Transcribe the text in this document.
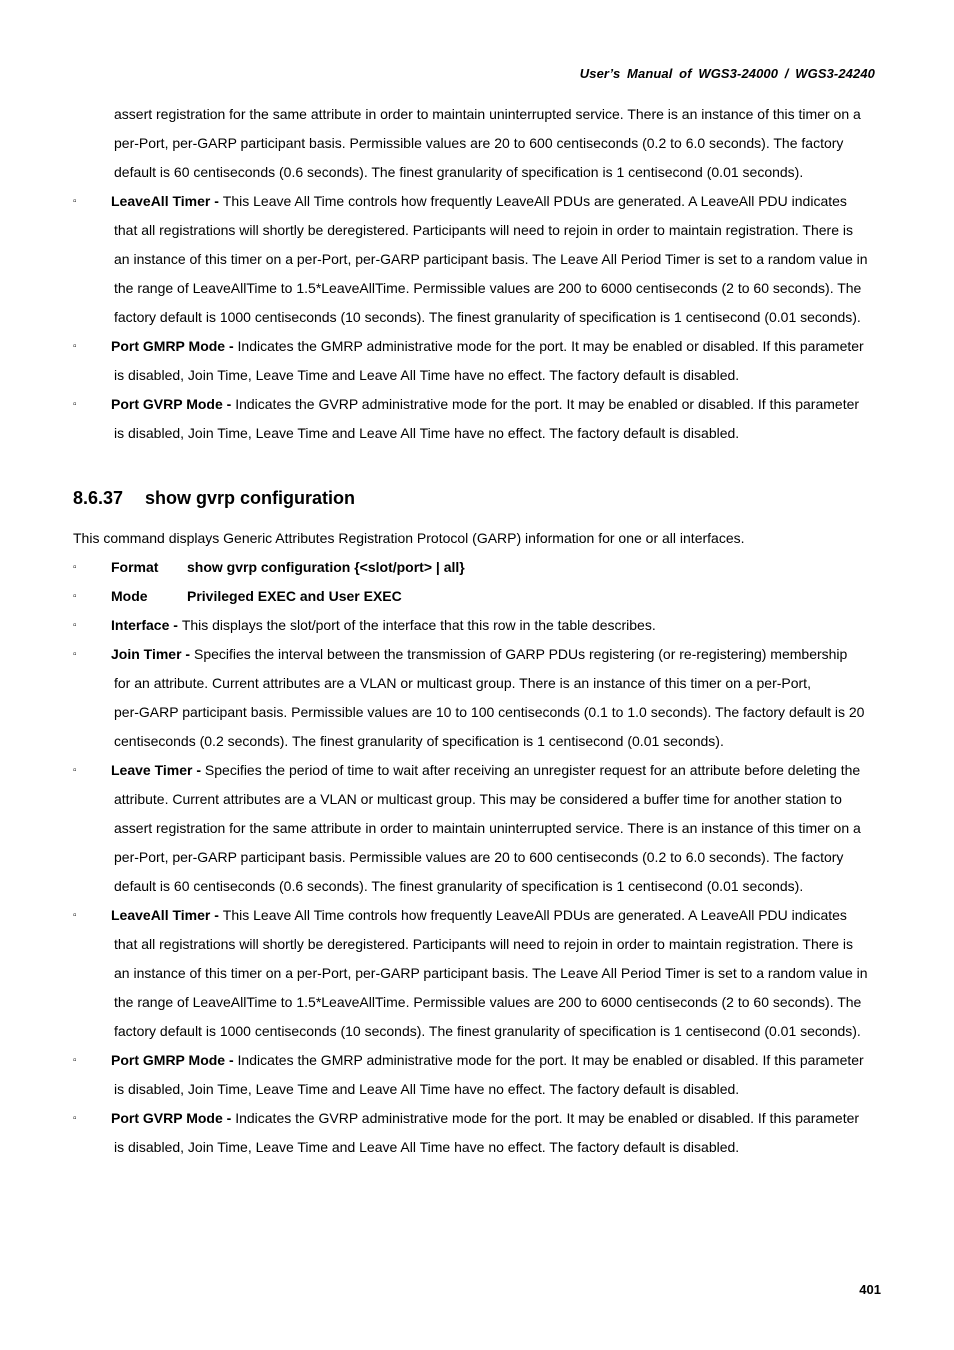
User’s Manual of WGS3-24000 / WGS3-24240
assert registration for the same attribute in order to maintain uninterrupted service. There is an instance of this timer on a
per-Port, per-GARP participant basis. Permissible values are 20 to 600 centiseconds (0.2 to 6.0 seconds). The factory
default is 60 centiseconds (0.6 seconds). The finest granularity of specification is 1 centisecond (0.01 seconds).
▫	LeaveAll Timer - This Leave All Time controls how frequently LeaveAll PDUs are generated. A LeaveAll PDU indicates
that all registrations will shortly be deregistered. Participants will need to rejoin in order to maintain registration. There is
an instance of this timer on a per-Port, per-GARP participant basis. The Leave All Period Timer is set to a random value in
the range of LeaveAllTime to 1.5*LeaveAllTime. Permissible values are 200 to 6000 centiseconds (2 to 60 seconds). The
factory default is 1000 centiseconds (10 seconds). The finest granularity of specification is 1 centisecond (0.01 seconds).
▫	Port GMRP Mode - Indicates the GMRP administrative mode for the port. It may be enabled or disabled. If this parameter
is disabled, Join Time, Leave Time and Leave All Time have no effect. The factory default is disabled.
▫	Port GVRP Mode - Indicates the GVRP administrative mode for the port. It may be enabled or disabled. If this parameter
is disabled, Join Time, Leave Time and Leave All Time have no effect. The factory default is disabled.
8.6.37 show gvrp configuration
This command displays Generic Attributes Registration Protocol (GARP) information for one or all interfaces.
▫	Format show gvrp configuration {<slot/port> | all}
▫	Mode	Privileged EXEC and User EXEC
▫	Interface - This displays the slot/port of the interface that this row in the table describes.
▫	Join Timer - Specifies the interval between the transmission of GARP PDUs registering (or re-registering) membership
for an attribute. Current attributes are a VLAN or multicast group. There is an instance of this timer on a per-Port,
per-GARP participant basis. Permissible values are 10 to 100 centiseconds (0.1 to 1.0 seconds). The factory default is 20
centiseconds (0.2 seconds). The finest granularity of specification is 1 centisecond (0.01 seconds).
▫	Leave Timer - Specifies the period of time to wait after receiving an unregister request for an attribute before deleting the
attribute. Current attributes are a VLAN or multicast group. This may be considered a buffer time for another station to
assert registration for the same attribute in order to maintain uninterrupted service. There is an instance of this timer on a
per-Port, per-GARP participant basis. Permissible values are 20 to 600 centiseconds (0.2 to 6.0 seconds). The factory
default is 60 centiseconds (0.6 seconds). The finest granularity of specification is 1 centisecond (0.01 seconds).
▫	LeaveAll Timer - This Leave All Time controls how frequently LeaveAll PDUs are generated. A LeaveAll PDU indicates
that all registrations will shortly be deregistered. Participants will need to rejoin in order to maintain registration. There is
an instance of this timer on a per-Port, per-GARP participant basis. The Leave All Period Timer is set to a random value in
the range of LeaveAllTime to 1.5*LeaveAllTime. Permissible values are 200 to 6000 centiseconds (2 to 60 seconds). The
factory default is 1000 centiseconds (10 seconds). The finest granularity of specification is 1 centisecond (0.01 seconds).
▫	Port GMRP Mode - Indicates the GMRP administrative mode for the port. It may be enabled or disabled. If this parameter
is disabled, Join Time, Leave Time and Leave All Time have no effect. The factory default is disabled.
▫	Port GVRP Mode - Indicates the GVRP administrative mode for the port. It may be enabled or disabled. If this parameter
is disabled, Join Time, Leave Time and Leave All Time have no effect. The factory default is disabled.
401
